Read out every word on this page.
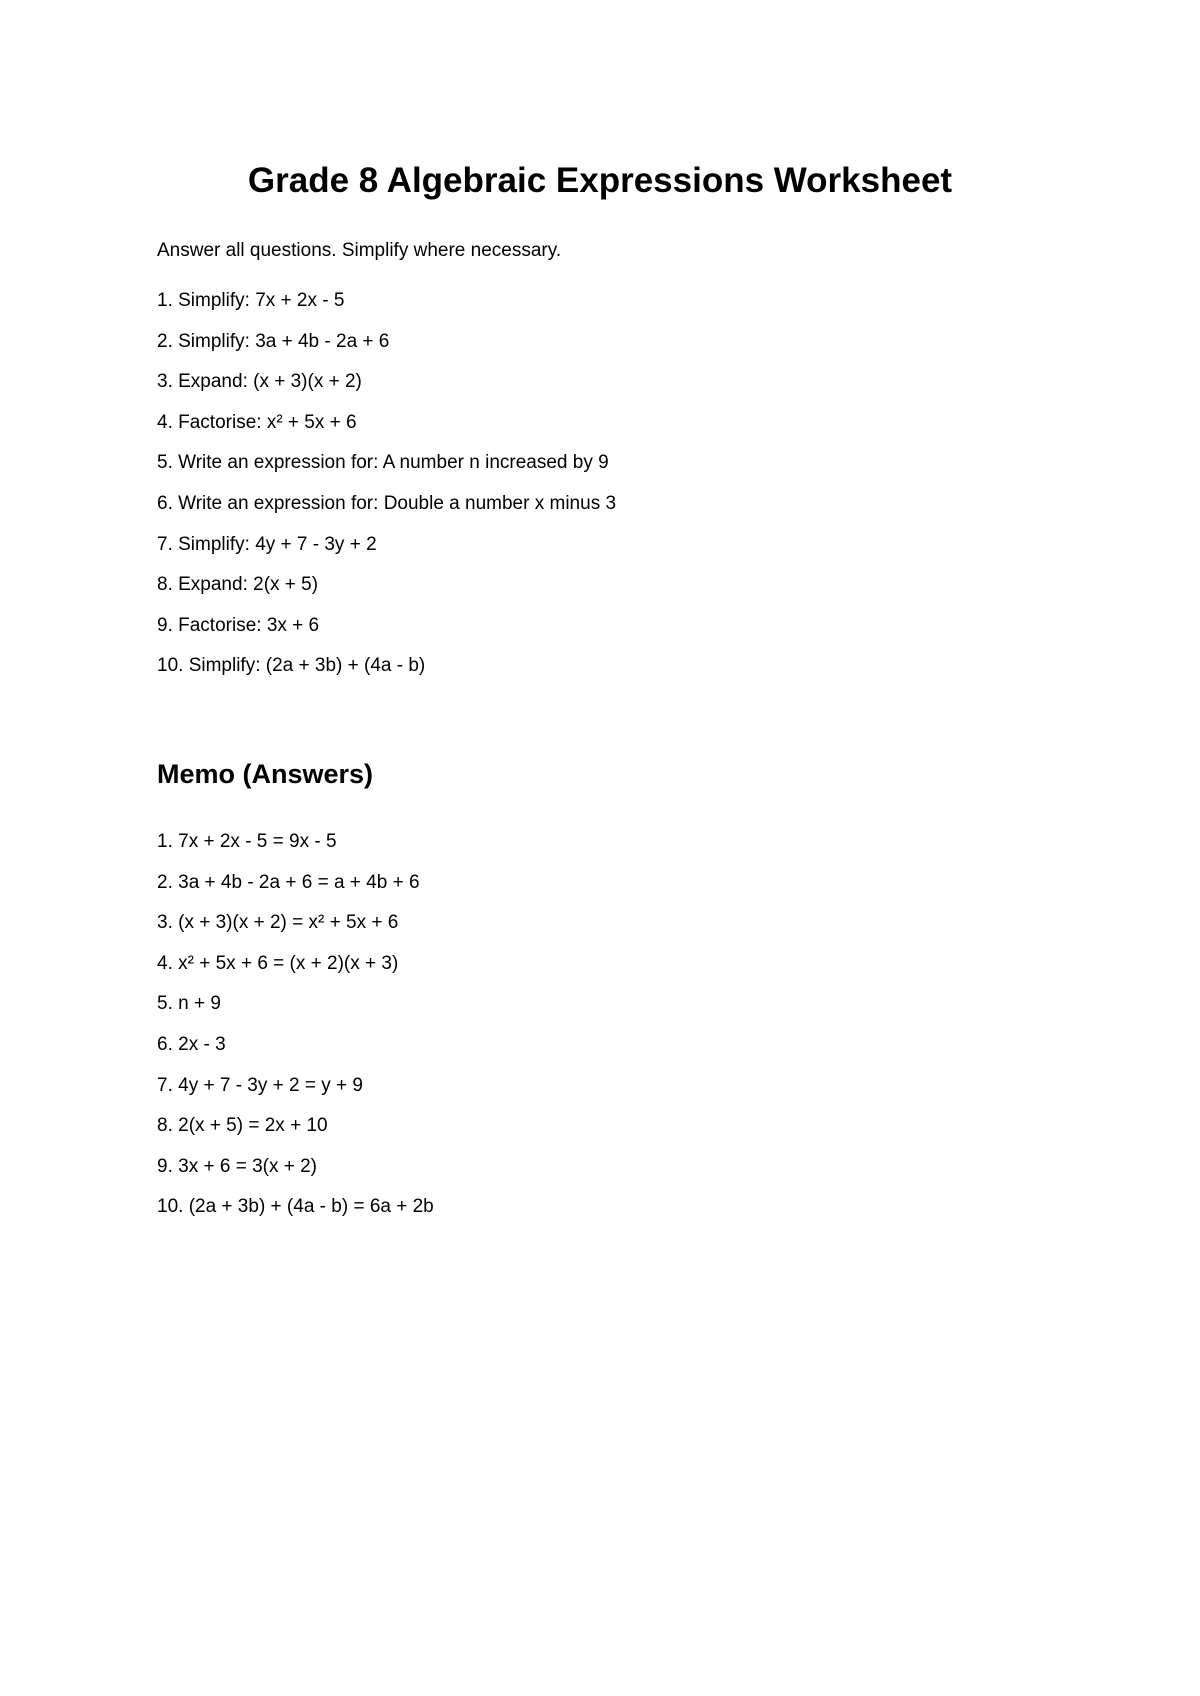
Grade 8 Algebraic Expressions Worksheet

Answer all questions. Simplify where necessary.

1. Simplify: 7x + 2x - 5
2. Simplify: 3a + 4b - 2a + 6
3. Expand: (x + 3)(x + 2)
4. Factorise: x² + 5x + 6
5. Write an expression for: A number n increased by 9
6. Write an expression for: Double a number x minus 3
7. Simplify: 4y + 7 - 3y + 2
8. Expand: 2(x + 5)
9. Factorise: 3x + 6
10. Simplify: (2a + 3b) + (4a - b)
Memo (Answers)
1. 7x + 2x - 5 = 9x - 5
2. 3a + 4b - 2a + 6 = a + 4b + 6
3. (x + 3)(x + 2) = x² + 5x + 6
4. x² + 5x + 6 = (x + 2)(x + 3)
5. n + 9
6. 2x - 3
7. 4y + 7 - 3y + 2 = y + 9
8. 2(x + 5) = 2x + 10
9. 3x + 6 = 3(x + 2)
10. (2a + 3b) + (4a - b) = 6a + 2b
